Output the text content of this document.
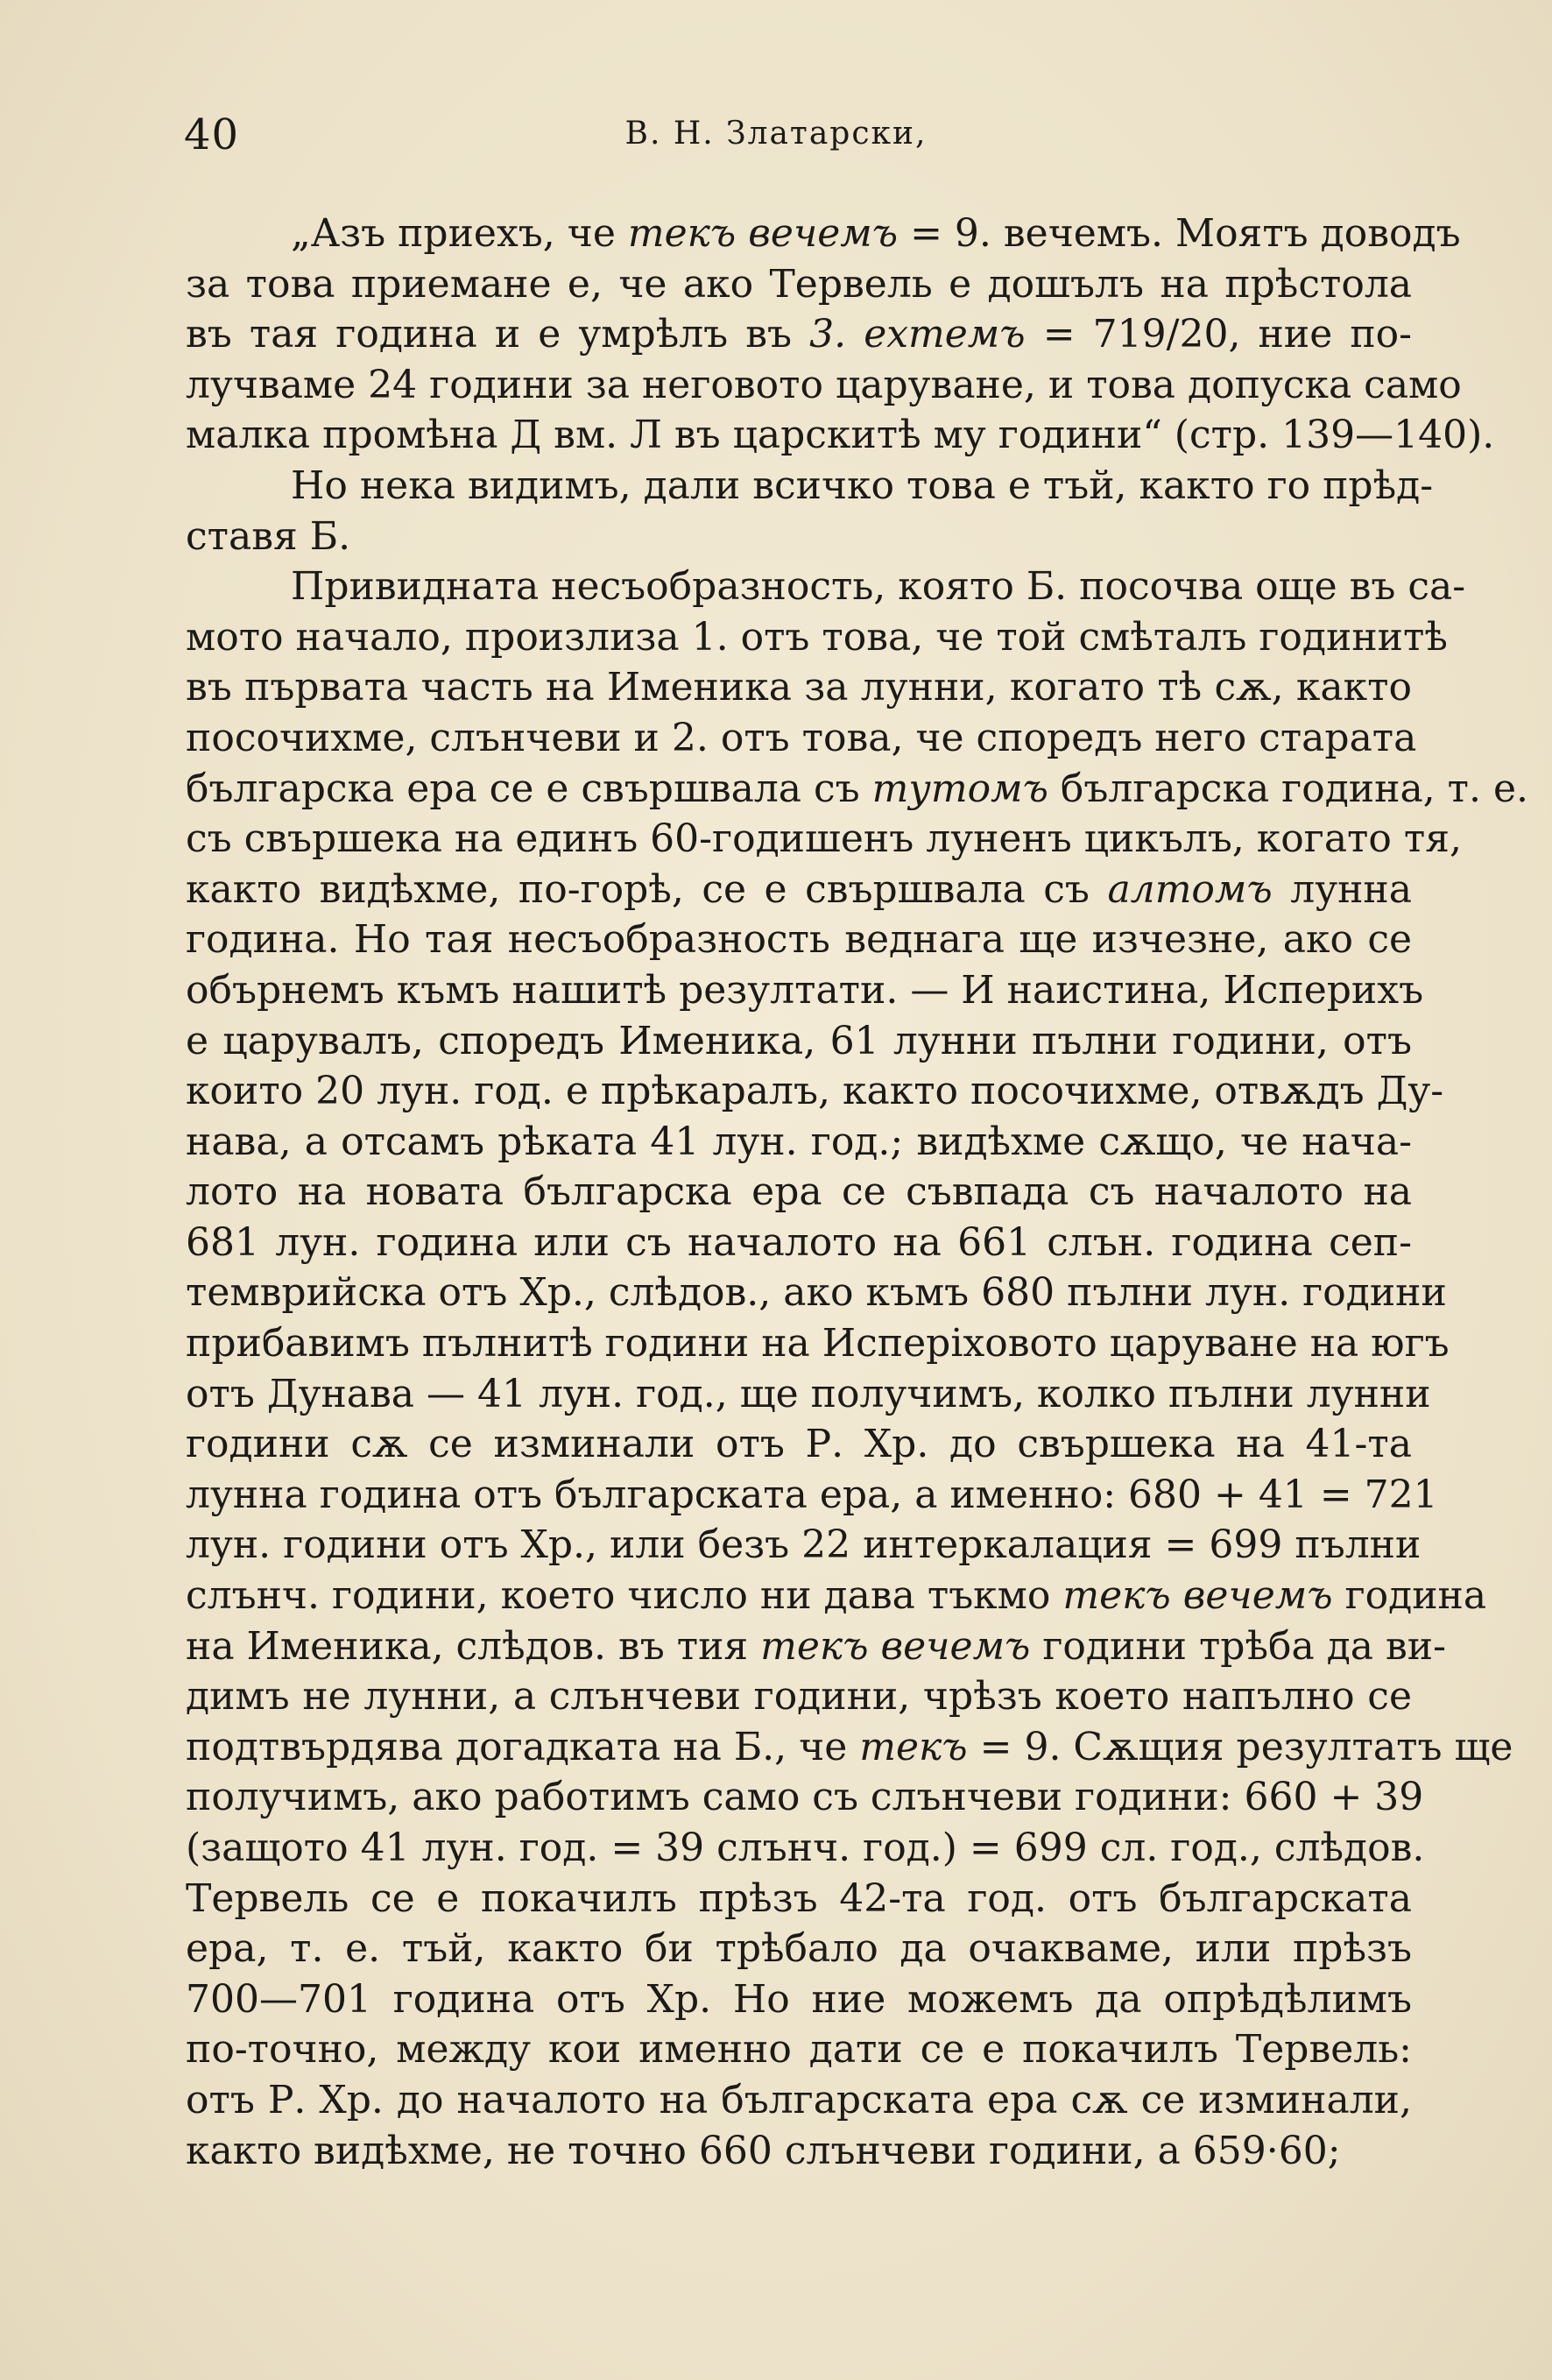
40	В. Н. Златарски,
„Азъ приехъ, че текъ вечемъ = 9. вечемъ. Моятъ доводъ
за това приемане е, че ако Тервель е дошълъ на прѣстола
въ тая година и е умрѣлъ въ 3. ехтемъ = 719/20, ние по-
лучваме 24 години за неговото царуване, и това допуска само
малка промѣна Д вм. Л въ царскитѣ му години“ (стр. 139—140).
Но нека видимъ, дали всичко това е тъй, както го прѣд-
ставя Б.
Привидната несъобразность, която Б. посочва още въ са-
мото начало, произлиза 1. отъ това, че той смѣталъ годинитѣ
въ първата часть на Именика за лунни, когато тѣ сѫ, както
посочихме, слънчеви и 2. отъ това, че споредъ него старата
българска ера се е свършвала съ тутомъ българска година, т. е.
съ свършека на единъ 60-годишенъ луненъ цикълъ, когато тя,
както видѣхме, по-горѣ, се е свършвала съ алтомъ лунна
година. Но тая несъобразность веднага ще изчезне, ако се
обърнемъ къмъ нашитѣ резултати. — И наистина, Исперихъ
е царувалъ, споредъ Именика, 61 лунни пълни години, отъ
които 20 лун. год. е прѣкаралъ, както посочихме, отвѫдъ Ду-
нава, а отсамъ рѣката 41 лун. год.; видѣхме сѫщо, че нача-
лото на новата българска ера се съвпада съ началото на
681 лун. година или съ началото на 661 слън. година сеп-
темврийска отъ Хр., слѣдов., ако къмъ 680 пълни лун. години
прибавимъ пълнитѣ години на Исперіховото царуване на югъ
отъ Дунава — 41 лун. год., ще получимъ, колко пълни лунни
години сѫ се изминали отъ Р. Хр. до свършека на 41-та
лунна година отъ българската ера, а именно: 680 + 41 = 721
лун. години отъ Хр., или безъ 22 интеркалация = 699 пълни
слънч. години, което число ни дава тъкмо текъ вечемъ година
на Именика, слѣдов. въ тия текъ вечемъ години трѣба да ви-
димъ не лунни, а слънчеви години, чрѣзъ което напълно се
подтвърдява догадката на Б., че текъ = 9. Сѫщия резултатъ ще
получимъ, ако работимъ само съ слънчеви години: 660 + 39
(защото 41 лун. год. = 39 слънч. год.) = 699 сл. год., слѣдов.
Тервель се е покачилъ прѣзъ 42-та год. отъ българската
ера, т. е. тъй, както би трѣбало да очакваме, или прѣзъ
700—701 година отъ Хр. Но ние можемъ да опрѣдѣлимъ
по-точно, между кои именно дати се е покачилъ Тервель:
отъ Р. Хр. до началото на българската ера сѫ се изминали,
както видѣхме, не точно 660 слънчеви години, а 659·60;
